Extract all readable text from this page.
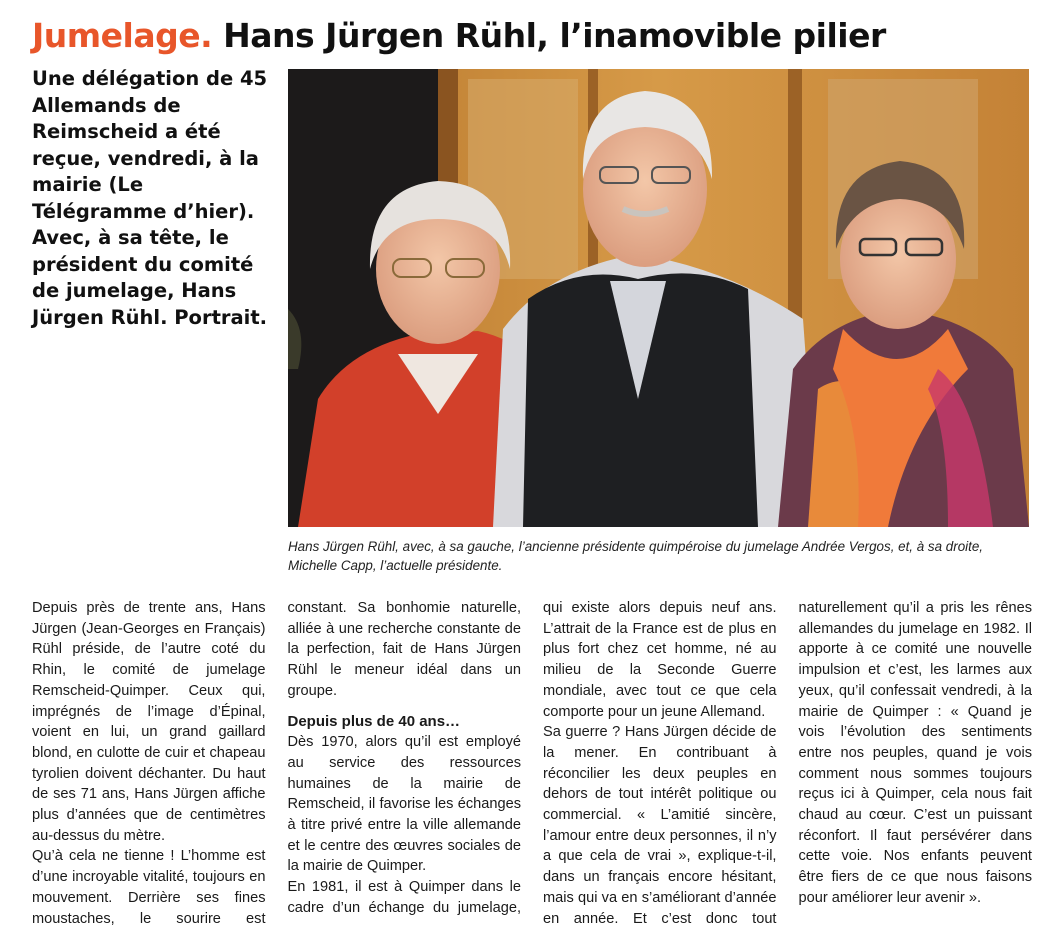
Jumelage. Hans Jürgen Rühl, l’inamovible pilier
Une délégation de 45 Allemands de Reimscheid a été reçue, vendredi, à la mairie (Le Télégramme d’hier). Avec, à sa tête, le président du comité de jumelage, Hans Jürgen Rühl. Portrait.
Hans Jürgen Rühl, avec, à sa gauche, l’ancienne présidente quimpéroise du jumelage Andrée Vergos, et, à sa droite, Michelle Capp, l’actuelle présidente.

Depuis près de trente ans, Hans Jürgen (Jean-Georges en Français) Rühl préside, de l’autre coté du Rhin, le comité de jumelage Remscheid-Quimper. Ceux qui, imprégnés de l’image d’Épinal, voient en lui, un grand gaillard blond, en culotte de cuir et chapeau tyrolien doivent déchanter. Du haut de ses 71 ans, Hans Jürgen affiche plus d’années que de centimètres au-dessus du mètre.

Qu’à cela ne tienne ! L’homme est d’une incroyable vitalité, toujours en mouvement. Derrière ses fines moustaches, le sourire est constant. Sa bonhomie naturelle, alliée à une recherche constante de la perfection, fait de Hans Jürgen Rühl le meneur idéal dans un groupe.

Depuis plus de 40 ans…

Dès 1970, alors qu’il est employé au service des ressources humaines de la mairie de Remscheid, il favorise les échanges à titre privé entre la ville allemande et le centre des œuvres sociales de la mairie de Quimper.

En 1981, il est à Quimper dans le cadre d’un échange du jumelage, qui existe alors depuis neuf ans. L’attrait de la France est de plus en plus fort chez cet homme, né au milieu de la Seconde Guerre mondiale, avec tout ce que cela comporte pour un jeune Allemand.

Sa guerre ? Hans Jürgen décide de la mener. En contribuant à réconcilier les deux peuples en dehors de tout intérêt politique ou commercial. « L’amitié sincère, l’amour entre deux personnes, il n’y a que cela de vrai », explique-t-il, dans un français encore hésitant, mais qui va en s’améliorant d’année en année. Et c’est donc tout naturellement qu’il a pris les rênes allemandes du jumelage en 1982. Il apporte à ce comité une nouvelle impulsion et c’est, les larmes aux yeux, qu’il confessait vendredi, à la mairie de Quimper : « Quand je vois l’évolution des sentiments entre nos peuples, quand je vois comment nous sommes toujours reçus ici à Quimper, cela nous fait chaud au cœur. C’est un puissant réconfort. Il faut persévérer dans cette voie. Nos enfants peuvent être fiers de ce que nous faisons pour améliorer leur avenir ».
